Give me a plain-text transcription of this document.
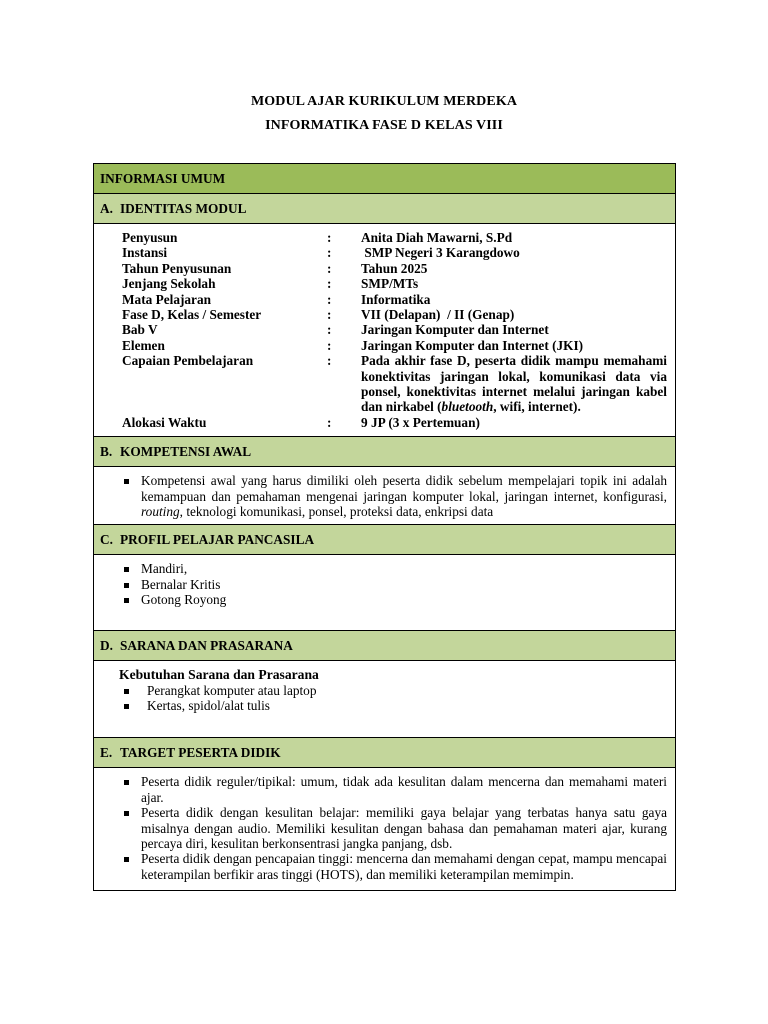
MODUL AJAR KURIKULUM MERDEKA
INFORMATIKA FASE D KELAS VIII
INFORMASI UMUM
A. IDENTITAS MODUL

Penyusun	:	Anita Diah Mawarni, S.Pd
Instansi	:	SMP Negeri 3 Karangdowo
Tahun Penyusunan	:	Tahun 2025
Jenjang Sekolah	:	SMP/MTs
Mata Pelajaran	:	Informatika
Fase D, Kelas / Semester	:	VII (Delapan)  / II (Genap)
Bab V	:	Jaringan Komputer dan Internet
Elemen	:	Jaringan Komputer dan Internet (JKI)
Capaian Pembelajaran	:	Pada akhir fase D, peserta didik mampu memahami konektivitas jaringan lokal, komunikasi data via ponsel, konektivitas internet melalui jaringan kabel dan nirkabel (bluetooth, wifi, internet).
Alokasi Waktu	:	9 JP (3 x Pertemuan)

B. KOMPETENSI AWAL

Kompetensi awal yang harus dimiliki oleh peserta didik sebelum mempelajari topik ini adalah kemampuan dan pemahaman mengenai jaringan komputer lokal, jaringan internet, konfigurasi, routing, teknologi komunikasi, ponsel, proteksi data, enkripsi data

C. PROFIL PELAJAR PANCASILA

Mandiri,
Bernalar Kritis
Gotong Royong

D. SARANA DAN PRASARANA

Kebutuhan Sarana dan Prasarana
Perangkat komputer atau laptop
Kertas, spidol/alat tulis

E. TARGET PESERTA DIDIK

Peserta didik reguler/tipikal: umum, tidak ada kesulitan dalam mencerna dan memahami materi ajar.
Peserta didik dengan kesulitan belajar: memiliki gaya belajar yang terbatas hanya satu gaya misalnya dengan audio. Memiliki kesulitan dengan bahasa dan pemahaman materi ajar, kurang percaya diri, kesulitan berkonsentrasi jangka panjang, dsb.
Peserta didik dengan pencapaian tinggi: mencerna dan memahami dengan cepat, mampu mencapai keterampilan berfikir aras tinggi (HOTS), dan memiliki keterampilan memimpin.
